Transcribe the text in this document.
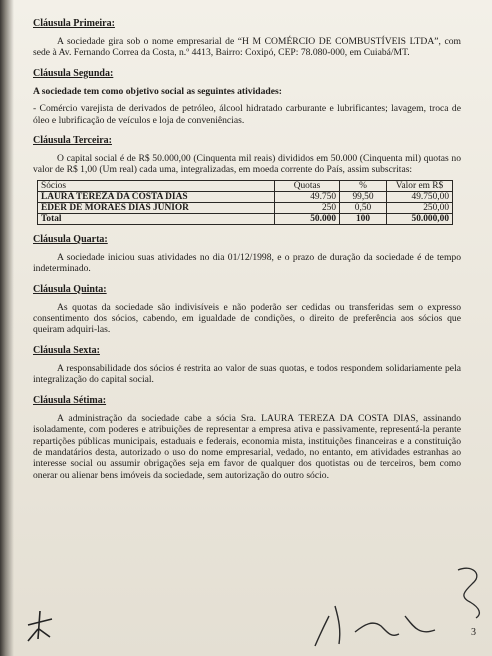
Cláusula Primeira:

A sociedade gira sob o nome empresarial de “H M COMÉRCIO DE COMBUSTÍVEIS LTDA”, com sede à Av. Fernando Correa da Costa, n.º 4413, Bairro: Coxipó, CEP: 78.080-000, em Cuiabá/MT.

Cláusula Segunda:

A sociedade tem como objetivo social as seguintes atividades:

- Comércio varejista de derivados de petróleo, álcool hidratado carburante e lubrificantes; lavagem, troca de óleo e lubrificação de veículos e loja de conveniências.

Cláusula Terceira:

O capital social é de R$ 50.000,00 (Cinquenta mil reais) divididos em 50.000 (Cinquenta mil) quotas no valor de R$ 1,00 (Um real) cada uma, integralizadas, em moeda corrente do País, assim subscritas:

Sócios	Quotas	%	Valor em R$
LAURA TEREZA DA COSTA DIAS	49.750	99,50	49.750,00
EDER DE MORAES DIAS JUNIOR	250	0,50	250,00
Total	50.000	100	50.000,00
Cláusula Quarta:

A sociedade iniciou suas atividades no dia 01/12/1998, e o prazo de duração da sociedade é de tempo indeterminado.

Cláusula Quinta:

As quotas da sociedade são indivisíveis e não poderão ser cedidas ou transferidas sem o expresso consentimento dos sócios, cabendo, em igualdade de condições, o direito de preferência aos sócios que queiram adquiri-las.

Cláusula Sexta:

A responsabilidade dos sócios é restrita ao valor de suas quotas, e todos respondem solidariamente pela integralização do capital social.

Cláusula Sétima:

A administração da sociedade cabe a sócia Sra. LAURA TEREZA DA COSTA DIAS, assinando isoladamente, com poderes e atribuições de representar a empresa ativa e passivamente, representá-la perante repartições públicas municipais, estaduais e federais, economia mista, instituições financeiras e a constituição de mandatários desta, autorizado o uso do nome empresarial, vedado, no entanto, em atividades estranhas ao interesse social ou assumir obrigações seja em favor de qualquer dos quotistas ou de terceiros, bem como onerar ou alienar bens imóveis da sociedade, sem autorização do outro sócio.

3
